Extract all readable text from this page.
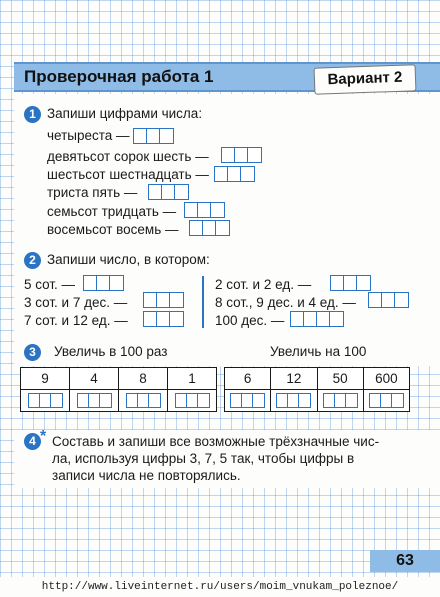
Проверочная работа 1	Вариант 2
1 Запиши цифрами числа:
четыреста —
девятьсот сорок шесть —
шестьсот шестнадцать —
триста пять —
семьсот тридцать —
восемьсот восемь —
2 Запиши число, в котором:
5 сот. —
3 сот. и 7 дес. —
7 сот. и 12 ед. —
2 сот. и 2 ед. —
8 сот., 9 дес. и 4 ед. —
100 дес. —
3	Увеличь в 100 раз	Увеличь на 100
9	4	8	1

		6	12	50	600

4 * Составь и запиши все возможные трёхзначные чис-
ла, используя цифры 3, 7, 5 так, чтобы цифры в
записи числа не повторялись.
63
http://www.liveinternet.ru/users/moim_vnukam_poleznoe/
